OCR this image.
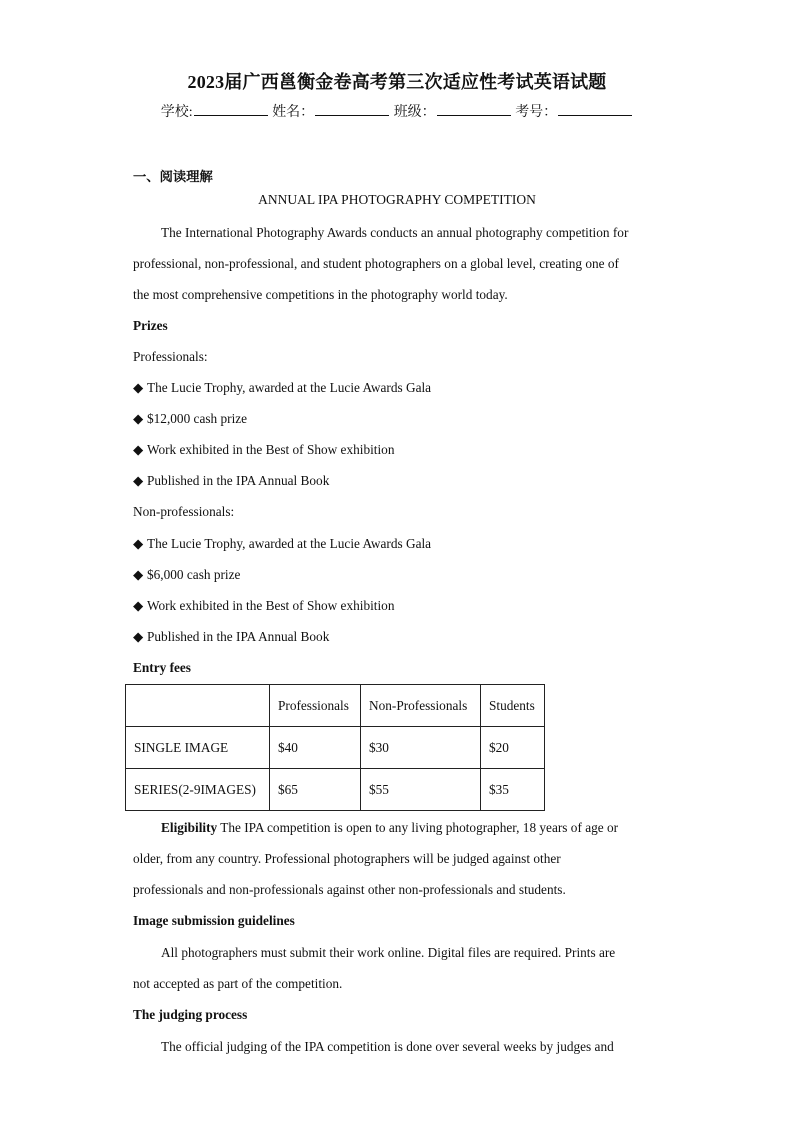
2023届广西邕衡金卷高考第三次适应性考试英语试题
学校:	姓名：	班级：	考号：
一、阅读理解
ANNUAL IPA PHOTOGRAPHY COMPETITION
The International Photography Awards conducts an annual photography competition for
professional, non-professional, and student photographers on a global level, creating one of
the most comprehensive competitions in the photography world today.
Prizes
Professionals:
◆ The Lucie Trophy, awarded at the Lucie Awards Gala
◆ $12,000 cash prize
◆ Work exhibited in the Best of Show exhibition
◆ Published in the IPA Annual Book
Non-professionals:
◆ The Lucie Trophy, awarded at the Lucie Awards Gala
◆ $6,000 cash prize
◆ Work exhibited in the Best of Show exhibition
◆ Published in the IPA Annual Book
Entry fees
	Professionals	Non-Professionals	Students
SINGLE IMAGE	$40	$30	$20
SERIES(2-9IMAGES)	$65	$55	$35
Eligibility The IPA competition is open to any living photographer, 18 years of age or
older, from any country. Professional photographers will be judged against other
professionals and non-professionals against other non-professionals and students.
Image submission guidelines
All photographers must submit their work online. Digital files are required. Prints are
not accepted as part of the competition.
The judging process
The official judging of the IPA competition is done over several weeks by judges and
